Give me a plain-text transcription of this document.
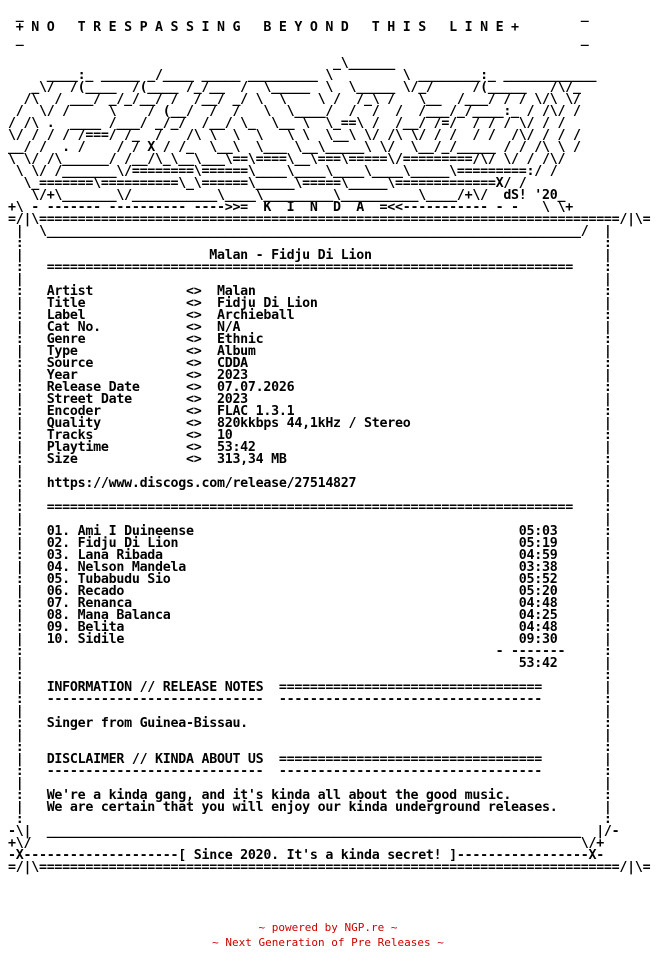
_                                                                        _
+ N O   T R E S P A S S I N G   B E Y O N D   T H I S   L I N E +
_                                                                        _

_\______
____:_ _____ _/____ _____ _________ \         \ ________:_ ____________
_\/  /(____  /(____ /_/__  /  \_____  \  \_____ \/_/     /(_____   /\/_
/\  / ___/ _/_/__/ /  /__/ _/ \  \    \ /  /_\ /   \__  /___/ / / \/\ \/
/  \/ /     \    / (__/  /  /   \  \____/  /  /  /  /___/_/____:_ / /\/ /
/ /\ .  ____ /___/ _/_/  /__/ \_  \__ \  \_==\ /  /__/ /=/  / / / \/ / /
\/ / / / /===/ /_  /   /\ \  \  \   \ \  \__\ \/ /\ \/ / /  / /  /\/ / / /
__/ /  . /    / / X / /_  \__\  \___ \__\_____\ \/  \__/_/_____ / / /\ \ /
\ \/ /\______/ /__/\_\__\___\==\====\__\===\=====\/=========/\/ \/ / /\/
\ \/ /_______\/========\======\____\____\____\____\_____\=========:/ /
\_=======\==========\_\======\_____\=====\_____\=============X/ /
\/+\_______\/___________\____\_________\__________\____/+\/  dS! '20_
+\ - ------- ---------- ---->>=  K  I  N  D  A  =<<----------- - -   \ \+
=/|\===========================================================================/|\=
|  \_____________________________________________________________________/  |
:                                                                           :
|                        Malan - Fidju Di Lion                              |
:   ====================================================================    :
|                                                                           |
:   Artist            <>  Malan                                             :
|   Title             <>  Fidju Di Lion                                     |
:   Label             <>  Archieball                                        :
|   Cat No.           <>  N/A                                               |
:   Genre             <>  Ethnic                                            :
|   Type              <>  Album                                             |
:   Source            <>  CDDA                                              :
|   Year              <>  2023                                              |
:   Release Date      <>  07.07.2026                                        :
|   Street Date       <>  2023                                              |
:   Encoder           <>  FLAC 1.3.1                                        :
|   Quality           <>  820kkbps 44,1kHz / Stereo                         |
:   Tracks            <>  10                                                :
|   Playtime          <>  53:42                                             |
:   Size              <>  313,34 MB                                         :
|                                                                           |
:   https://www.discogs.com/release/27514827                                :
|                                                                           |
:   ====================================================================    :
|                                                                           |
:   01. Ami I Duineense                                          05:03      :
|   02. Fidju Di Lion                                            05:19      |
:   03. Lana Ribada                                              04:59      :
|   04. Nelson Mandela                                           03:38      |
:   05. Tubabudu Sio                                             05:52      :
|   06. Recado                                                   05:20      |
:   07. Renanca                                                  04:48      :
|   08. Mana Balanca                                             04:25      |
:   09. Belita                                                   04:48      :
|   10. Sidile                                                   09:30      |
:                                                             - -------     :
|                                                                53:42      |
:                                                                           :
|   INFORMATION // RELEASE NOTES  ==================================        |
:   ----------------------------  ----------------------------------        :
|                                                                           |
:   Singer from Guinea-Bissau.                                              :
|                                                                           |
:                                                                           :
|   DISCLAIMER // KINDA ABOUT US  ==================================        |
:   ----------------------------  ----------------------------------        :
|                                                                           |
:   We're a kinda gang, and it's kinda all about the good music.            :
|   We are certain that you will enjoy our kinda underground releases.      |
:                                                                           :
-\|  _____________________________________________________________________  |/-
+\/                                                                       \/+
-X--------------------[ Since 2020. It's a kinda secret! ]-----------------X-
=/|\===========================================================================/|\=
~ powered by NGP.re ~
~ Next Generation of Pre Releases ~
